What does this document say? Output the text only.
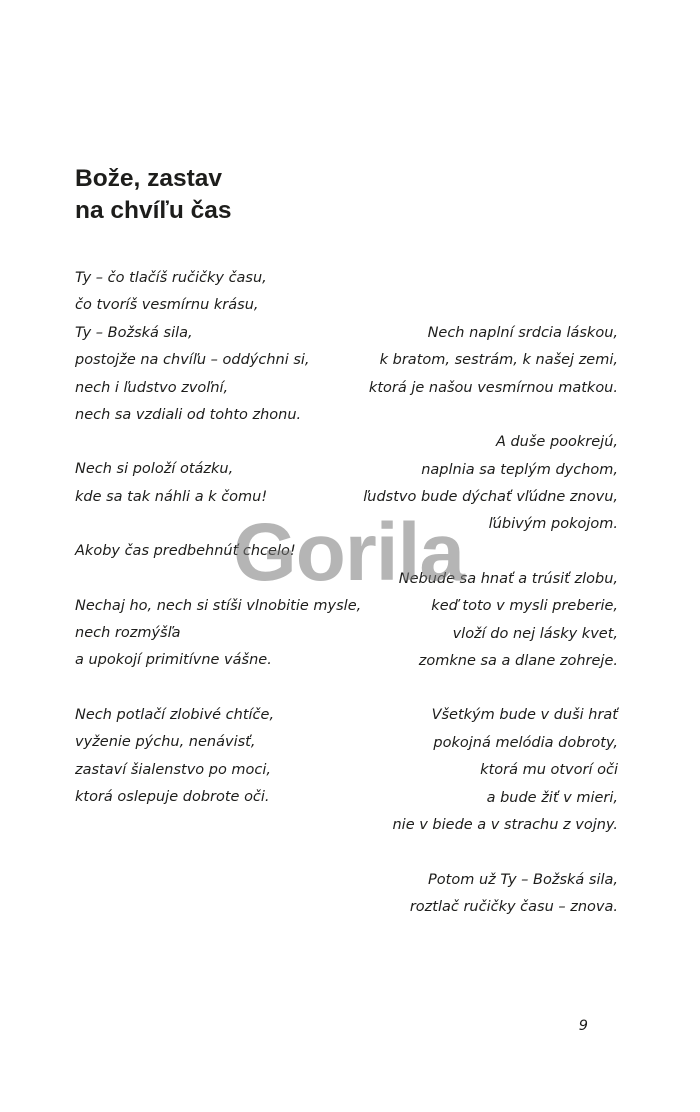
Bože, zastav
na chvíľu čas
Ty – čo tlačíš ručičky času,
čo tvoríš vesmírnu krásu,
Ty – Božská sila,
postojže na chvíľu – oddýchni si,
nech i ľudstvo zvoľní,
nech sa vzdiali od tohto zhonu.
Nech si položí otázku,
kde sa tak náhli a k čomu!
Akoby čas predbehnúť chcelo!
Nechaj ho, nech si stíši vlnobitie mysle,
nech rozmýšľa
a upokojí primitívne vášne.
Nech potlačí zlobivé chtíče,
vyženie pýchu, nenávisť,
zastaví šialenstvo po moci,
ktorá oslepuje dobrote oči.
Nech naplní srdcia láskou,
k bratom, sestrám, k našej zemi,
ktorá je našou vesmírnou matkou.
A duše pookrejú,
naplnia sa teplým dychom,
ľudstvo bude dýchať vľúdne znovu,
ľúbivým pokojom.
Nebude sa hnať a trúsiť zlobu,
keď toto v mysli preberie,
vloží do nej lásky kvet,
zomkne sa a dlane zohreje.
Všetkým bude v duši hrať
pokojná melódia dobroty,
ktorá mu otvorí oči
a bude žiť v mieri,
nie v biede a v strachu z vojny.
Potom už Ty – Božská sila,
roztlač ručičky času – znova.
9
Gorila
